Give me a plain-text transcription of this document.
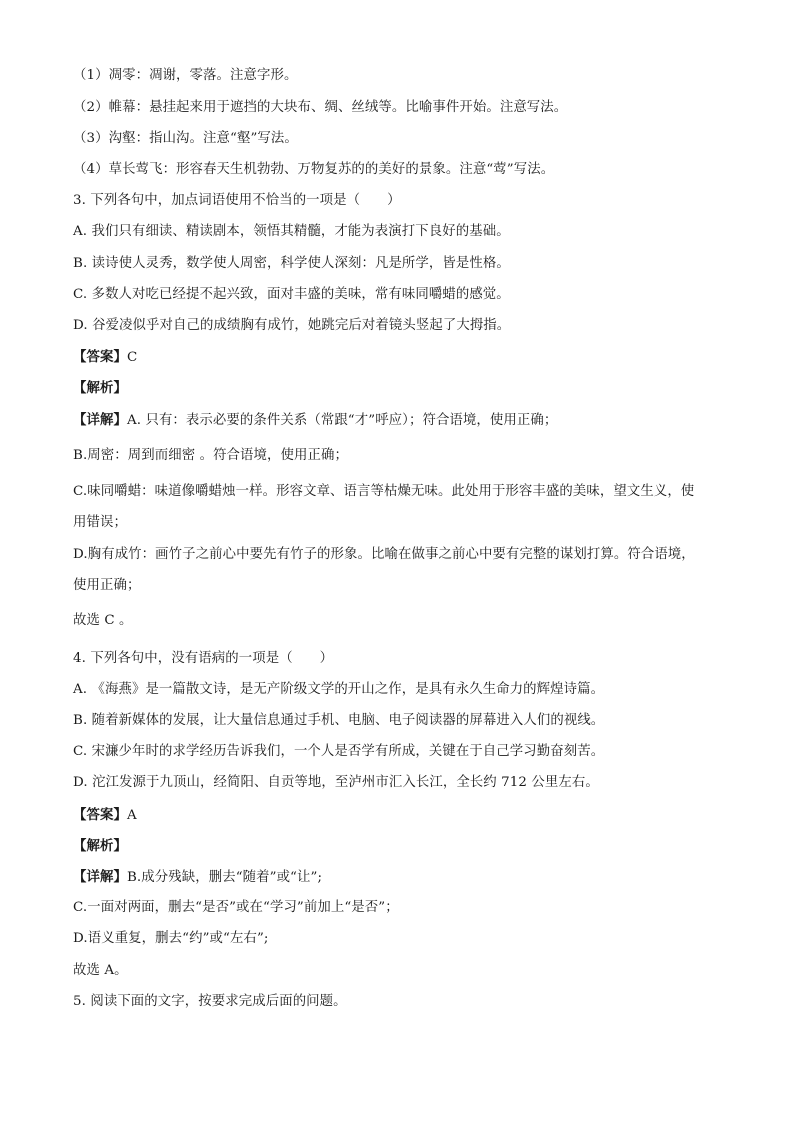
（1）凋零：凋谢，零落。注意字形。
（2）帷幕：悬挂起来用于遮挡的大块布、绸、丝绒等。比喻事件开始。注意写法。
（3）沟壑：指山沟。注意“壑”写法。
（4）草长莺飞：形容春天生机勃勃、万物复苏的的美好的景象。注意“莺”写法。
3. 下列各句中，加点词语使用不恰当的一项是（　　）
A. 我们只有细读、精读剧本，领悟其精髓，才能为表演打下良好的基础。
B. 读诗使人灵秀，数学使人周密，科学使人深刻：凡是所学，皆是性格。
C. 多数人对吃已经提不起兴致，面对丰盛的美味，常有味同嚼蜡的感觉。
D. 谷爱凌似乎对自己的成绩胸有成竹，她跳完后对着镜头竖起了大拇指。
【答案】C
【解析】
【详解】A. 只有：表示必要的条件关系（常跟“才”呼应）；符合语境，使用正确；
B.周密：周到而细密 。符合语境，使用正确；
C.味同嚼蜡：味道像嚼蜡烛一样。形容文章、语言等枯燥无味。此处用于形容丰盛的美味，望文生义，使
用错误；
D.胸有成竹：画竹子之前心中要先有竹子的形象。比喻在做事之前心中要有完整的谋划打算。符合语境，
使用正确；
故选 C 。
4. 下列各句中，没有语病的一项是（　　）
A. 《海燕》是一篇散文诗，是无产阶级文学的开山之作，是具有永久生命力的辉煌诗篇。
B. 随着新媒体的发展，让大量信息通过手机、电脑、电子阅读器的屏幕进入人们的视线。
C. 宋濂少年时的求学经历告诉我们，一个人是否学有所成，关键在于自己学习勤奋刻苦。
D. 沱江发源于九顶山，经简阳、自贡等地，至泸州市汇入长江，全长约 712 公里左右。
【答案】A
【解析】
【详解】B.成分残缺，删去“随着”或“让”;
C.一面对两面，删去“是否”或在“学习”前加上“是否”；
D.语义重复，删去“约”或“左右”;
故选 A。
5. 阅读下面的文字，按要求完成后面的问题。
